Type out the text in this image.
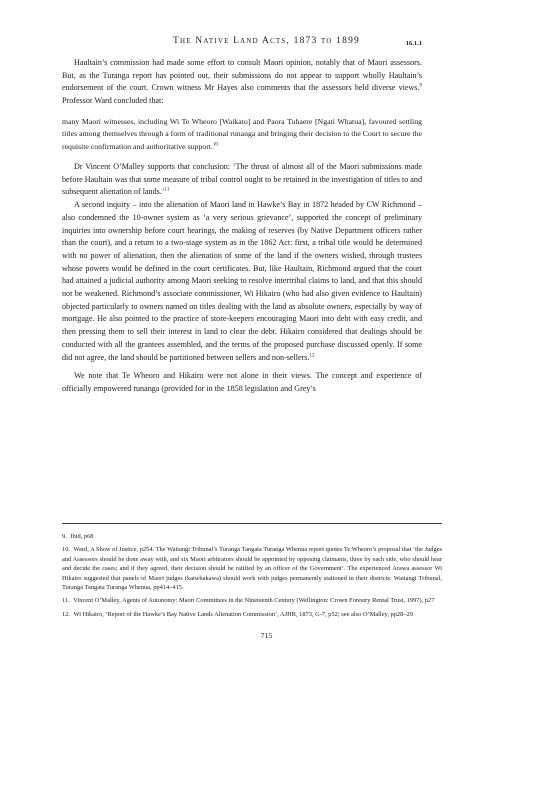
The Native Land Acts, 1873 to 1899	16.1.1

Haultain’s commission had made some effort to consult Maori opinion, notably that of Maori assessors. But, as the Turanga report has pointed out, their submissions do not appear to support wholly Haultain’s endorsement of the court. Crown witness Mr Hayes also comments that the assessors held diverse views.$^9$ Professor Ward concluded that:

many Maori witnesses, including Wi Te Wheoro [Waikato] and Paora Tuhaere [Ngati Whatua], favoured settling titles among themselves through a form of traditional runanga and bringing their decision to the Court to secure the requisite confirmation and authoritative support.$^{10}$

Dr Vincent O’Malley supports that conclusion: ‘The thrust of almost all of the Maori submissions made before Haultain was that some measure of tribal control ought to be retained in the investigation of titles to and subsequent alienation of lands.’$^{11}$

A second inquiry – into the alienation of Maori land in Hawke’s Bay in 1872 headed by CW Richmond – also condemned the 10-owner system as ‘a very serious grievance’, supported the concept of preliminary inquiries into ownership before court hearings, the making of reserves (by Native Department officers rather than the court), and a return to a two-stage system as in the 1862 Act: first, a tribal title would be determined with no power of alienation, then the alienation of some of the land if the owners wished, through trustees whose powers would be defined in the court certificates. But, like Haultain, Richmond argued that the court had attained a judicial authority among Maori seeking to resolve intertribal claims to land, and that this should not be weakened. Richmond’s associate commissioner, Wi Hikairo (who had also given evidence to Haultain) objected particularly to owners named on titles dealing with the land as absolute owners, especially by way of mortgage. He also pointed to the practice of store-keepers encouraging Maori into debt with easy credit, and then pressing them to sell their interest in land to clear the debt. Hikairo considered that dealings should be conducted with all the grantees assembled, and the terms of the proposed purchase discussed openly. If some did not agree, the land should be partitioned between sellers and non-sellers.$^{12}$

We note that Te Wheoro and Hikairo were not alone in their views. The concept and experience of officially empowered runanga (provided for in the 1858 legislation and Grey’s

9. Ibid, p68

10. Ward, A Show of Justice, p254. The Waitangi Tribunal’s Turanga Tangata Turanga Whenua report quotes Te Wheoro’s proposal that ‘the Judges and Assessors should be done away with, and six Maori arbitrators should be appointed by opposing claimants, three by each side, who should hear and decide the cases; and if they agreed, their decision should be ratified by an officer of the Government’. The experienced Arawa assessor Wi Hikairo suggested that panels of Maori judges (kaiwhakawa) should work with judges permanently stationed in their districts: Waitangi Tribunal, Turanga Tangata Turanga Whenua, pp414–415.

11. Vincent O’Malley, Agents of Autonomy: Maori Committees in the Nineteenth Century (Wellington: Crown Forestry Rental Trust, 1997), p27

12. Wi Hikairo, ‘Report of the Hawke’s Bay Native Lands Alienation Commission’, AJHR, 1873, G-7, p52; see also O’Malley, pp28–29

715
